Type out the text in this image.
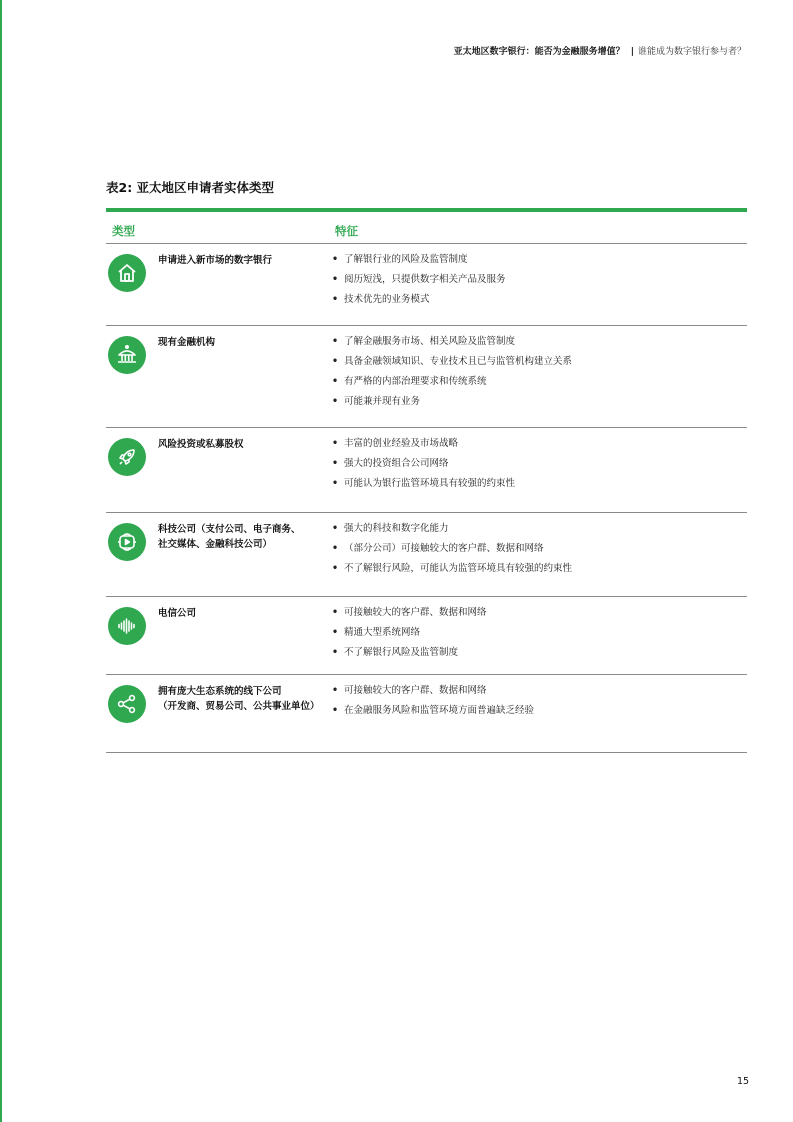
亚太地区数字银行：能否为金融服务增值？ | 谁能成为数字银行参与者？
表2: 亚太地区申请者实体类型
类型	特征
申请进入新市场的数字银行	• 了解银行业的风险及监管制度
• 阅历短浅，只提供数字相关产品及服务
• 技术优先的业务模式
现有金融机构	• 了解金融服务市场、相关风险及监管制度
• 具备金融领域知识、专业技术且已与监管机构建立关系
• 有严格的内部治理要求和传统系统
• 可能兼并现有业务
风险投资或私募股权	• 丰富的创业经验及市场战略
• 强大的投资组合公司网络
• 可能认为银行监管环境具有较强的约束性
科技公司（支付公司、电子商务、
社交媒体、金融科技公司）
• 强大的科技和数字化能力
• （部分公司）可接触较大的客户群、数据和网络
• 不了解银行风险，可能认为监管环境具有较强的约束性
电信公司	• 可接触较大的客户群、数据和网络
• 精通大型系统网络
• 不了解银行风险及监管制度
拥有庞大生态系统的线下公司
（开发商、贸易公司、公共事业单位）
• 可接触较大的客户群、数据和网络
• 在金融服务风险和监管环境方面普遍缺乏经验
15
